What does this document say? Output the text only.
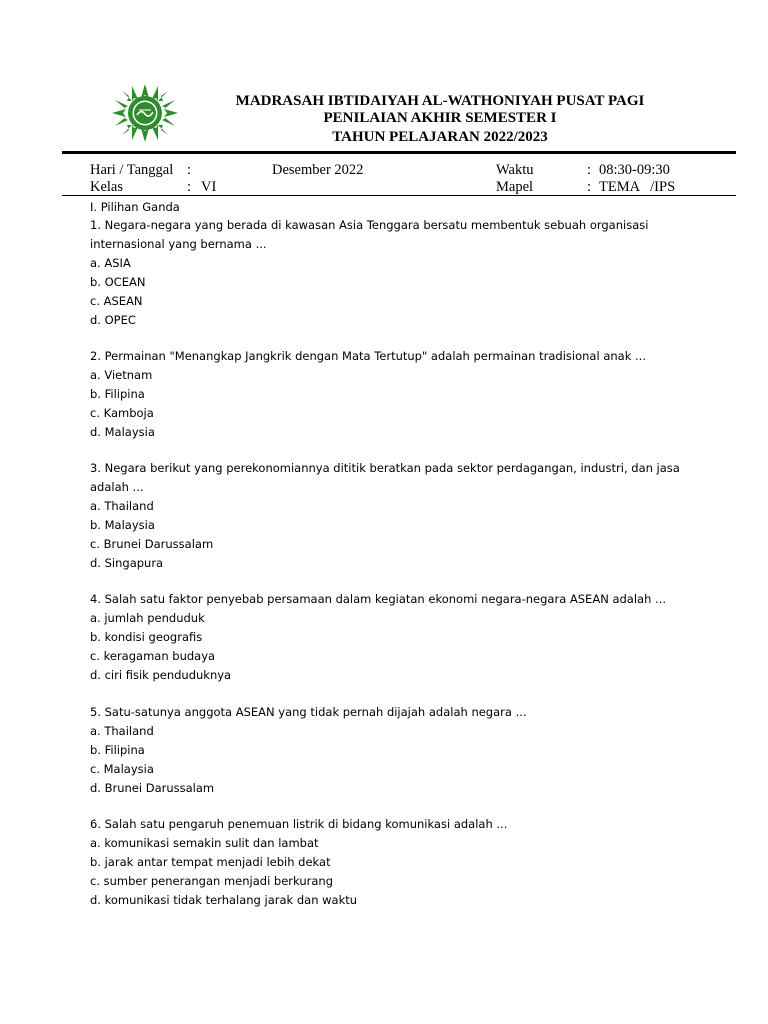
MADRASAH IBTIDAIYAH AL-WATHONIYAH PUSAT PAGI
PENILAIAN AKHIR SEMESTER I
TAHUN PELAJARAN 2022/2023
Hari / Tanggal :	Desember 2022	Waktu	: 08:30-09:30
Kelas	: VI	Mapel	: TEMA   /IPS
I. Pilihan Ganda
1. Negara-negara yang berada di kawasan Asia Tenggara bersatu membentuk sebuah organisasi
internasional yang bernama ...
a. ASIA
b. OCEAN
c. ASEAN
d. OPEC
2. Permainan "Menangkap Jangkrik dengan Mata Tertutup" adalah permainan tradisional anak ...
a. Vietnam
b. Filipina
c. Kamboja
d. Malaysia
3. Negara berikut yang perekonomiannya dititik beratkan pada sektor perdagangan, industri, dan jasa
adalah ...
a. Thailand
b. Malaysia
c. Brunei Darussalam
d. Singapura
4. Salah satu faktor penyebab persamaan dalam kegiatan ekonomi negara-negara ASEAN adalah ...
a. jumlah penduduk
b. kondisi geografis
c. keragaman budaya
d. ciri fisik penduduknya
5. Satu-satunya anggota ASEAN yang tidak pernah dijajah adalah negara ...
a. Thailand
b. Filipina
c. Malaysia
d. Brunei Darussalam
6. Salah satu pengaruh penemuan listrik di bidang komunikasi adalah ...
a. komunikasi semakin sulit dan lambat
b. jarak antar tempat menjadi lebih dekat
c. sumber penerangan menjadi berkurang
d. komunikasi tidak terhalang jarak dan waktu
